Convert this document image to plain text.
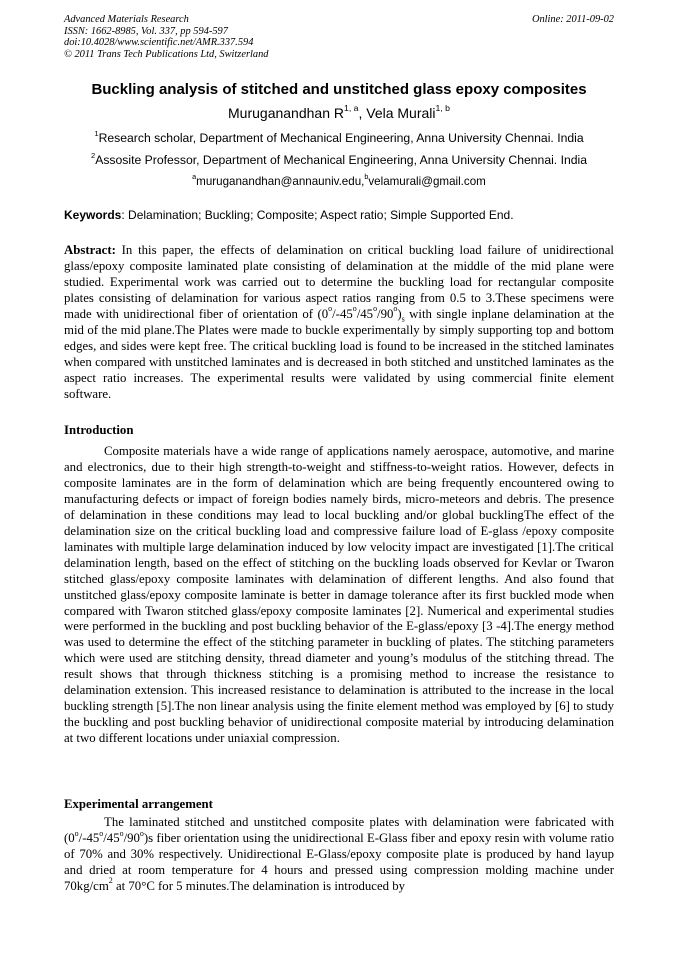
Advanced Materials Research
ISSN: 1662-8985, Vol. 337, pp 594-597
doi:10.4028/www.scientific.net/AMR.337.594
© 2011 Trans Tech Publications Ltd, Switzerland
Online: 2011-09-02
Buckling analysis of stitched and unstitched glass epoxy composites
Muruganandhan R$^{1, a}$, Vela Murali$^{1, b}$
$^1$Research scholar, Department of Mechanical Engineering, Anna University Chennai. India
$^2$Assosite Professor, Department of Mechanical Engineering, Anna University Chennai. India
$^a$muruganandhan@annauniv.edu,$^b$velamurali@gmail.com
Keywords: Delamination; Buckling; Composite; Aspect ratio; Simple Supported End.

Abstract: In this paper, the effects of delamination on critical buckling load failure of unidirectional glass/epoxy composite laminated plate consisting of delamination at the middle of the mid plane were studied. Experimental work was carried out to determine the buckling load for rectangular composite plates consisting of delamination for various aspect ratios ranging from 0.5 to 3.These specimens were made with unidirectional fiber of orientation of $(0^o/-45^o/45^o/90^o)_s$ with single inplane delamination at the mid of the mid plane.The Plates were made to buckle experimentally by simply supporting top and bottom edges, and sides were kept free. The critical buckling load is found to be increased in the stitched laminates when compared with unstitched laminates and is decreased in both stitched and unstitched laminates as the aspect ratio increases. The experimental results were validated by using commercial finite element software.

Introduction

Composite materials have a wide range of applications namely aerospace, automotive, and marine and electronics, due to their high strength-to-weight and stiffness-to-weight ratios. However, defects in composite laminates are in the form of delamination which are being frequently encountered owing to manufacturing defects or impact of foreign bodies namely birds, micro-meteors and debris. The presence of delamination in these conditions may lead to local buckling and/or global bucklingThe effect of the delamination size on the critical buckling load and compressive failure load of E-glass /epoxy composite laminates with multiple large delamination induced by low velocity impact are investigated [1].The critical delamination length, based on the effect of stitching on the buckling loads observed for Kevlar or Twaron stitched glass/epoxy composite laminates with delamination of different lengths. And also found that unstitched glass/epoxy composite laminate is better in damage tolerance after its first buckled mode when compared with Twaron stitched glass/epoxy composite laminates [2]. Numerical and experimental studies were performed in the buckling and post buckling behavior of the E-glass/epoxy [3 -4].The energy method was used to determine the effect of the stitching parameter in buckling of plates. The stitching parameters which were used are stitching density, thread diameter and young’s modulus of the stitching thread. The result shows that through thickness stitching is a promising method to increase the resistance to delamination extension. This increased resistance to delamination is attributed to the increase in the local buckling strength [5].The non linear analysis using the finite element method was employed by [6] to study the buckling and post buckling behavior of unidirectional composite material by introducing delamination at two different locations under uniaxial compression.

Experimental arrangement

The laminated stitched and unstitched composite plates with delamination were fabricated with (0$^o$/-45$^o$/45$^o$/90$^o$)s fiber orientation using the unidirectional E-Glass fiber and epoxy resin with volume ratio of 70% and 30% respectively. Unidirectional E-Glass/epoxy composite plate is produced by hand layup and dried at room temperature for 4 hours and pressed using compression molding machine under $70kg/cm^2$ at 70°C for 5 minutes.The delamination is introduced by
